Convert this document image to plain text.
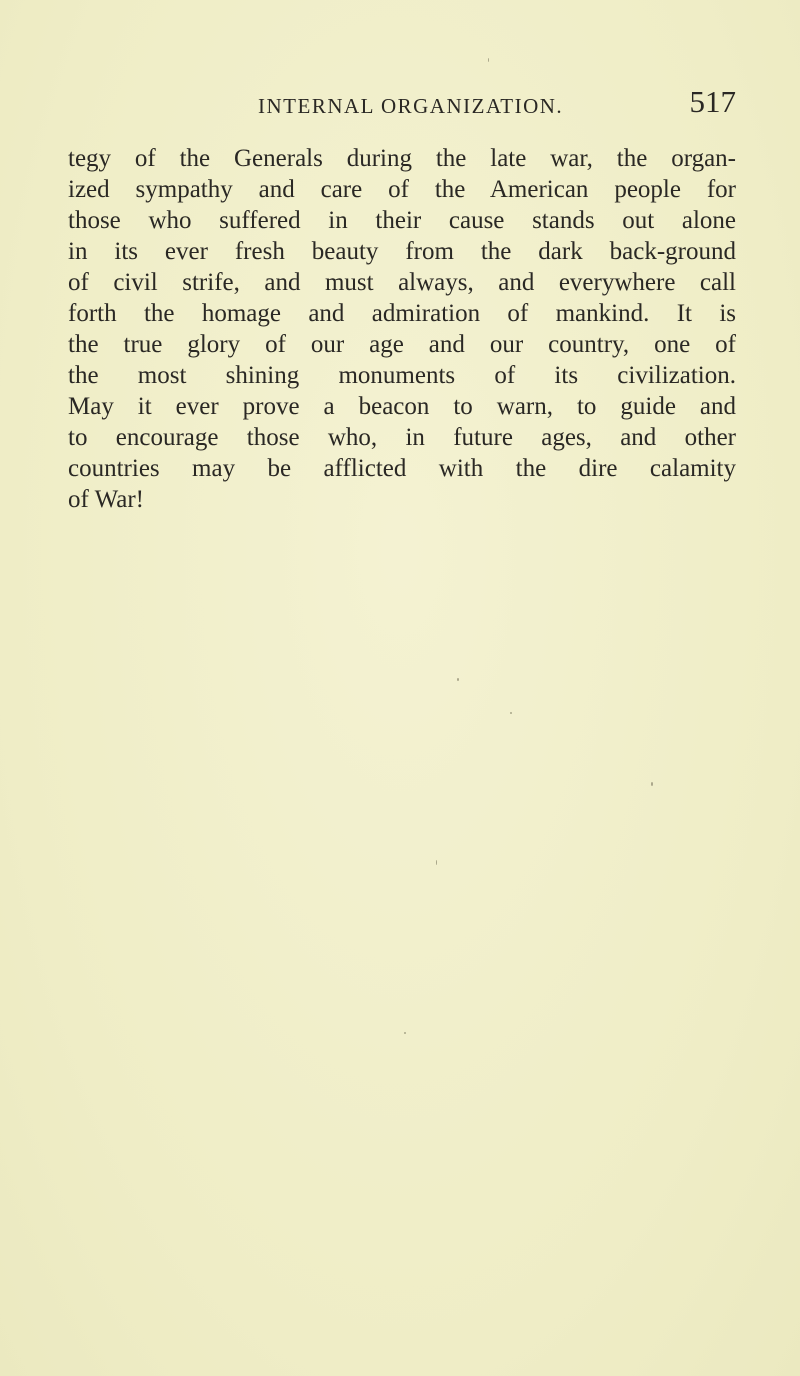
INTERNAL ORGANIZATION.	517
tegy of the Generals during the late war, the organ-
ized sympathy and care of the American people for
those who suffered in their cause stands out alone
in its ever fresh beauty from the dark back-ground
of civil strife, and must always, and everywhere call
forth the homage and admiration of mankind. It is
the true glory of our age and our country, one of
the most shining monuments of its civilization.
May it ever prove a beacon to warn, to guide and
to encourage those who, in future ages, and other
countries may be afflicted with the dire calamity
of War!
